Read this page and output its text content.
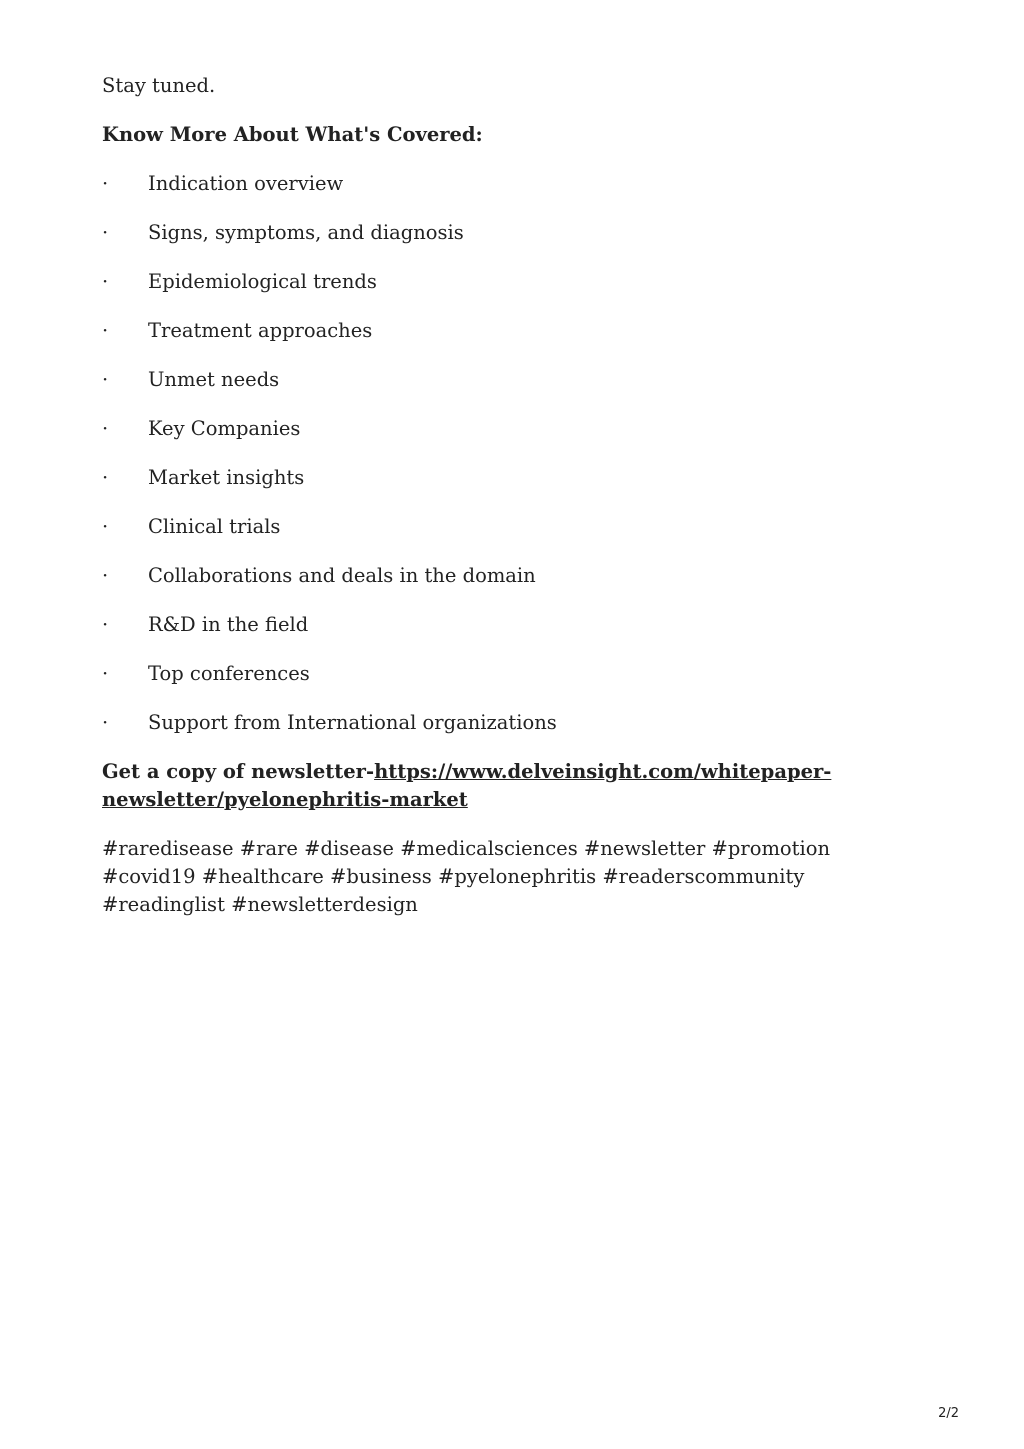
Stay tuned.

Know More About What's Covered:

·	Indication overview
·	Signs, symptoms, and diagnosis
·	Epidemiological trends
·	Treatment approaches
·	Unmet needs
·	Key Companies
·	Market insights
·	Clinical trials
·	Collaborations and deals in the domain
·	R&D in the field
·	Top conferences
·	Support from International organizations

Get a copy of newsletter-https://www.delveinsight.com/whitepaper-newsletter/pyelonephritis-market

#raredisease #rare #disease #medicalsciences #newsletter #promotion #covid19 #healthcare #business #pyelonephritis #readerscommunity #readinglist #newsletterdesign

2/2
